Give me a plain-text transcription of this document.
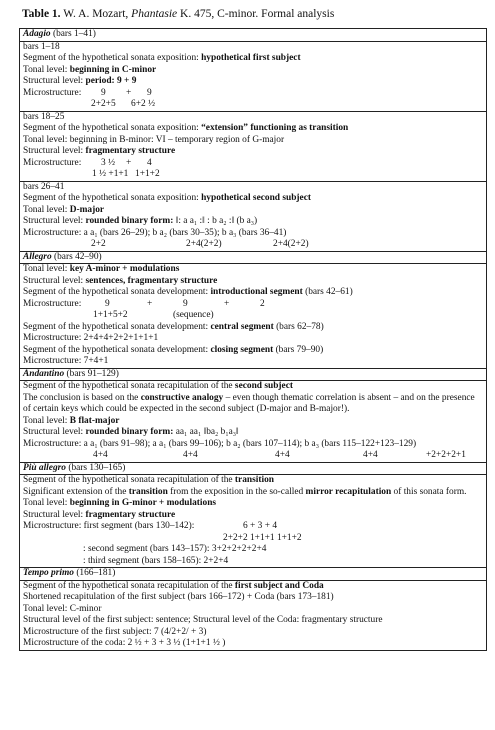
Table 1. W. A. Mozart, Phantasie K. 475, C-minor. Formal analysis
Adagio (bars 1–41)

bars 1–18
Segment of the hypothetical sonata exposition: hypothetical first subject
Tonal level: beginning in C-minor
Structural level: period: 9 + 9
Microstructure: 9 + 9
2+2+5 6+2 ½

bars 18–25
Segment of the hypothetical sonata exposition: “extension” functioning as transition
Tonal level: beginning in B-minor: VI – temporary region of G-major
Structural level: fragmentary structure
Microstructure: 3 ½ + 4
1 ½ +1+1 1+1+2

bars 26–41
Segment of the hypothetical sonata exposition: hypothetical second subject
Tonal level: D-major
Structural level: rounded binary form: ‖: a a₁ :‖ : b a₂ :‖ (b a₃)
Microstructure: a a₁ (bars 26–29); b a₂ (bars 30–35); b a₃ (bars 36–41)
2+2	2+4(2+2)	2+4(2+2)

Allegro (bars 42–90)

Tonal level: key A-minor + modulations
Structural level: sentences, fragmentary structure
Segment of the hypothetical sonata development: introductional segment (bars 42–61)
Microstructure:	9	+	9	+	2
1+1+5+2	(sequence)
Segment of the hypothetical sonata development: central segment (bars 62–78)
Microstructure: 2+4+4+2+2+1+1+1
Segment of the hypothetical sonata development: closing segment (bars 79–90)
Microstructure: 7+4+1

Andantino (bars 91–129)

Segment of the hypothetical sonata recapitulation of the second subject
The conclusion is based on the constructive analogy – even though thematic correlation is absent – and on the presence of certain keys which could be expected in the second subject (D-major and B-major!).
Tonal level: B flat-major
Structural level: rounded binary form: aa₁ aa₁ ‖ba₂ b₁a₃‖
Microstructure: a a₁ (bars 91–98); a a₁ (bars 99–106); b a₂ (bars 107–114); b a₃ (bars 115–122+123–129)
4+4	4+4	4+4	4+4	+2+2+2+1

Più allegro (bars 130–165)

Segment of the hypothetical sonata recapitulation of the transition
Significant extension of the transition from the exposition in the so-called mirror recapitulation of this sonata form.
Tonal level: beginning in G-minor + modulations
Structural level: fragmentary structure
Microstructure: first segment (bars 130–142):	6 + 3 + 4
2+2+2 1+1+1 1+1+2
: second segment (bars 143–157): 3+2+2+2+2+4
: third segment (bars 158–165): 2+2+4

Tempo primo (166–181)

Segment of the hypothetical sonata recapitulation of the first subject and Coda
Shortened recapitulation of the first subject (bars 166–172) + Coda (bars 173–181)
Tonal level: C-minor
Structural level of the first subject: sentence; Structural level of the Coda: fragmentary structure
Microstructure of the first subject: 7 (4/2+2/ + 3)
Microstructure of the coda: 2 ½ + 3 + 3 ½ (1+1+1 ½ )
